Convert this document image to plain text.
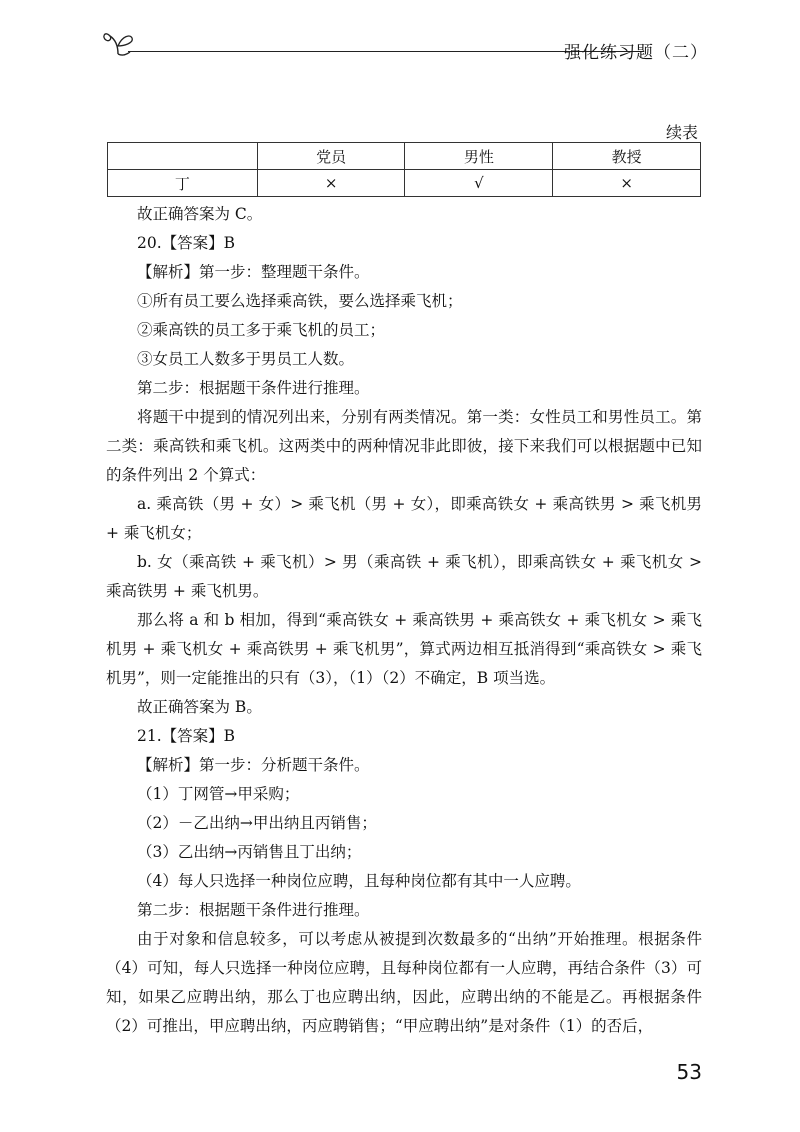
强化练习题（二）
续表
	党员	男性	教授
丁	×	√	×

故正确答案为 C。

20.【答案】B

【解析】第一步：整理题干条件。

①所有员工要么选择乘高铁，要么选择乘飞机；

②乘高铁的员工多于乘飞机的员工；

③女员工人数多于男员工人数。

第二步：根据题干条件进行推理。

将题干中提到的情况列出来，分别有两类情况。第一类：女性员工和男性员工。第二类：乘高铁和乘飞机。这两类中的两种情况非此即彼，接下来我们可以根据题中已知的条件列出 2 个算式：

a. 乘高铁（男 + 女）> 乘飞机（男 + 女），即乘高铁女 + 乘高铁男 > 乘飞机男 + 乘飞机女；

b. 女（乘高铁 + 乘飞机）> 男（乘高铁 + 乘飞机），即乘高铁女 + 乘飞机女 > 乘高铁男 + 乘飞机男。

那么将 a 和 b 相加，得到“乘高铁女 + 乘高铁男 + 乘高铁女 + 乘飞机女 > 乘飞机男 + 乘飞机女 + 乘高铁男 + 乘飞机男”，算式两边相互抵消得到“乘高铁女 > 乘飞机男”，则一定能推出的只有（3），（1）（2）不确定，B 项当选。

故正确答案为 B。

21.【答案】B

【解析】第一步：分析题干条件。

（1）丁网管→甲采购；

（2）－乙出纳→甲出纳且丙销售；

（3）乙出纳→丙销售且丁出纳；

（4）每人只选择一种岗位应聘，且每种岗位都有其中一人应聘。

第二步：根据题干条件进行推理。

由于对象和信息较多，可以考虑从被提到次数最多的“出纳”开始推理。根据条件（4）可知，每人只选择一种岗位应聘，且每种岗位都有一人应聘，再结合条件（3）可知，如果乙应聘出纳，那么丁也应聘出纳，因此，应聘出纳的不能是乙。再根据条件（2）可推出，甲应聘出纳，丙应聘销售；“甲应聘出纳”是对条件（1）的否后，

53
